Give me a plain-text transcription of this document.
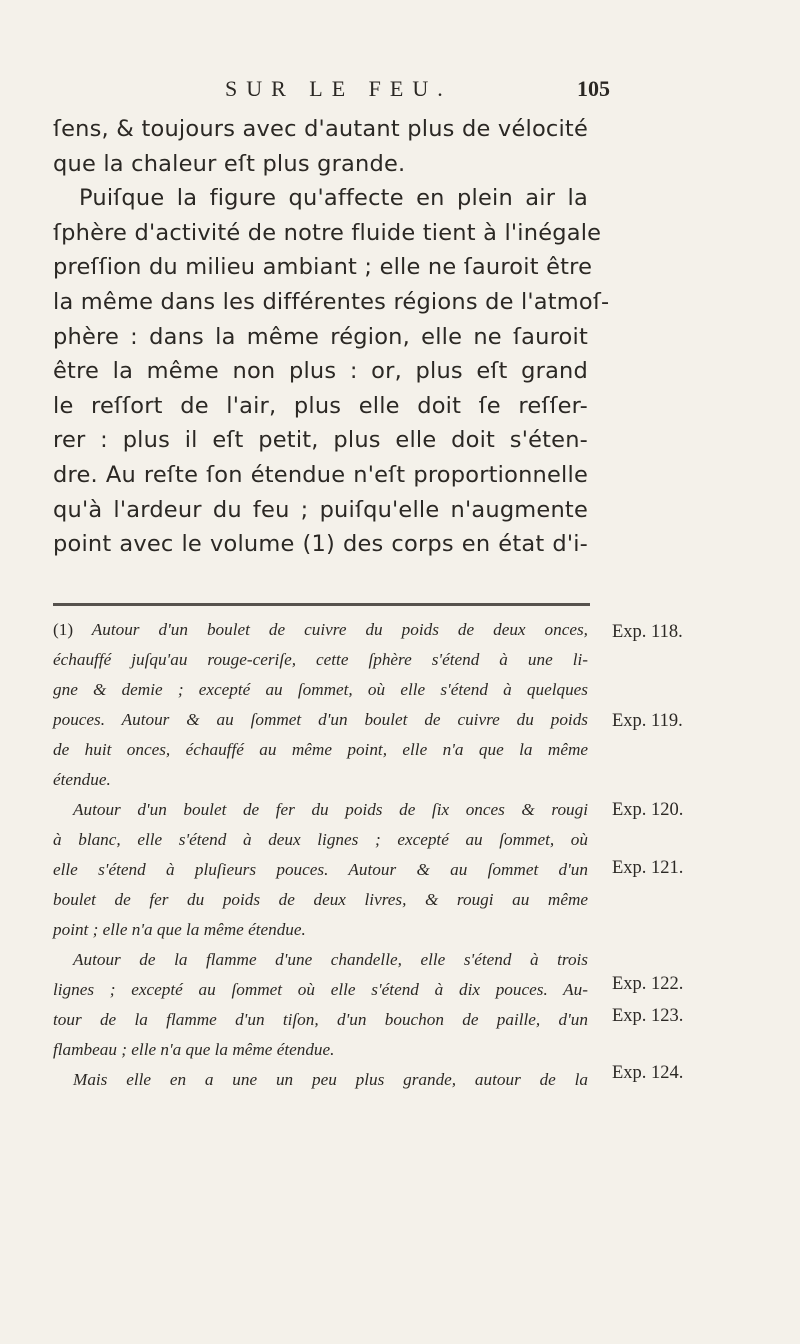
SUR LE FEU.	105
ſens, & toujours avec d'autant plus de vélocité
que la chaleur eſt plus grande.
Puiſque la figure qu'affecte en plein air la
ſphère d'activité de notre fluide tient à l'inégale
preſſion du milieu ambiant ; elle ne ſauroit être
la même dans les différentes régions de l'atmoſ-
phère : dans la même région, elle ne ſauroit
être la même non plus : or, plus eſt grand
le reſſort de l'air, plus elle doit ſe reſſer-
rer : plus il eſt petit, plus elle doit s'éten-
dre. Au reſte ſon étendue n'eſt proportionnelle
qu'à l'ardeur du feu ; puiſqu'elle n'augmente
point avec le volume (1) des corps en état d'i-
(1) Autour d'un boulet de cuivre du poids de deux onces,
échauffé juſqu'au rouge-ceriſe, cette ſphère s'étend à une li-
gne & demie ; excepté au ſommet, où elle s'étend à quelques
pouces. Autour & au ſommet d'un boulet de cuivre du poids
de huit onces, échauffé au même point, elle n'a que la même
étendue.
Autour d'un boulet de fer du poids de ſix onces & rougi
à blanc, elle s'étend à deux lignes ; excepté au ſommet, où
elle s'étend à pluſieurs pouces. Autour & au ſommet d'un
boulet de fer du poids de deux livres, & rougi au même
point ; elle n'a que la même étendue.
Autour de la flamme d'une chandelle, elle s'étend à trois
lignes ; excepté au ſommet où elle s'étend à dix pouces. Au-
tour de la flamme d'un tiſon, d'un bouchon de paille, d'un
flambeau ; elle n'a que la même étendue.
Mais elle en a une un peu plus grande, autour de la
Exp. 118.
Exp. 119.
Exp. 120.
Exp. 121.
Exp. 122.
Exp. 123.
Exp. 124.
